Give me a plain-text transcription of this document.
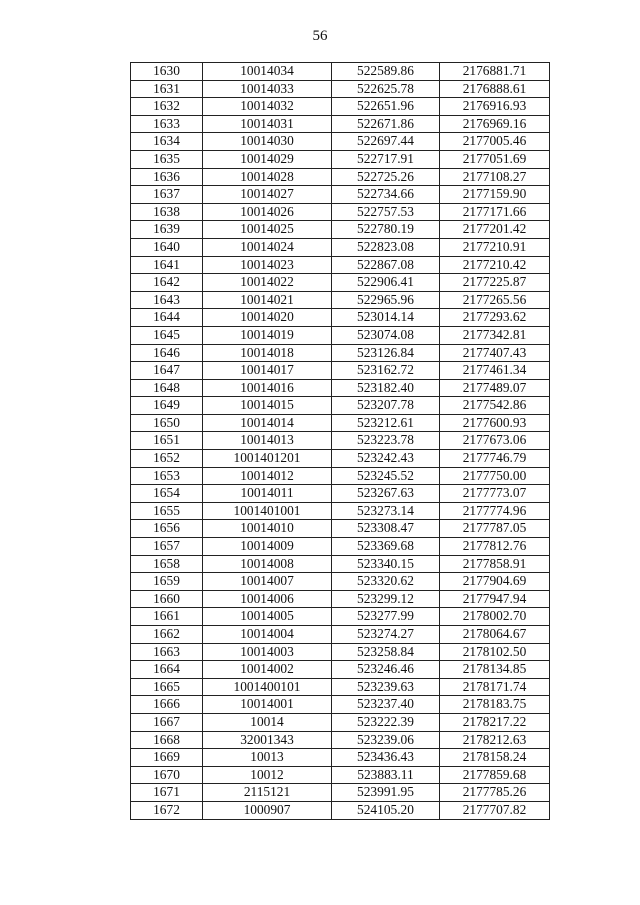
56
1630	10014034	522589.86	2176881.71
1631	10014033	522625.78	2176888.61
1632	10014032	522651.96	2176916.93
1633	10014031	522671.86	2176969.16
1634	10014030	522697.44	2177005.46
1635	10014029	522717.91	2177051.69
1636	10014028	522725.26	2177108.27
1637	10014027	522734.66	2177159.90
1638	10014026	522757.53	2177171.66
1639	10014025	522780.19	2177201.42
1640	10014024	522823.08	2177210.91
1641	10014023	522867.08	2177210.42
1642	10014022	522906.41	2177225.87
1643	10014021	522965.96	2177265.56
1644	10014020	523014.14	2177293.62
1645	10014019	523074.08	2177342.81
1646	10014018	523126.84	2177407.43
1647	10014017	523162.72	2177461.34
1648	10014016	523182.40	2177489.07
1649	10014015	523207.78	2177542.86
1650	10014014	523212.61	2177600.93
1651	10014013	523223.78	2177673.06
1652	1001401201	523242.43	2177746.79
1653	10014012	523245.52	2177750.00
1654	10014011	523267.63	2177773.07
1655	1001401001	523273.14	2177774.96
1656	10014010	523308.47	2177787.05
1657	10014009	523369.68	2177812.76
1658	10014008	523340.15	2177858.91
1659	10014007	523320.62	2177904.69
1660	10014006	523299.12	2177947.94
1661	10014005	523277.99	2178002.70
1662	10014004	523274.27	2178064.67
1663	10014003	523258.84	2178102.50
1664	10014002	523246.46	2178134.85
1665	1001400101	523239.63	2178171.74
1666	10014001	523237.40	2178183.75
1667	10014	523222.39	2178217.22
1668	32001343	523239.06	2178212.63
1669	10013	523436.43	2178158.24
1670	10012	523883.11	2177859.68
1671	2115121	523991.95	2177785.26
1672	1000907	524105.20	2177707.82
